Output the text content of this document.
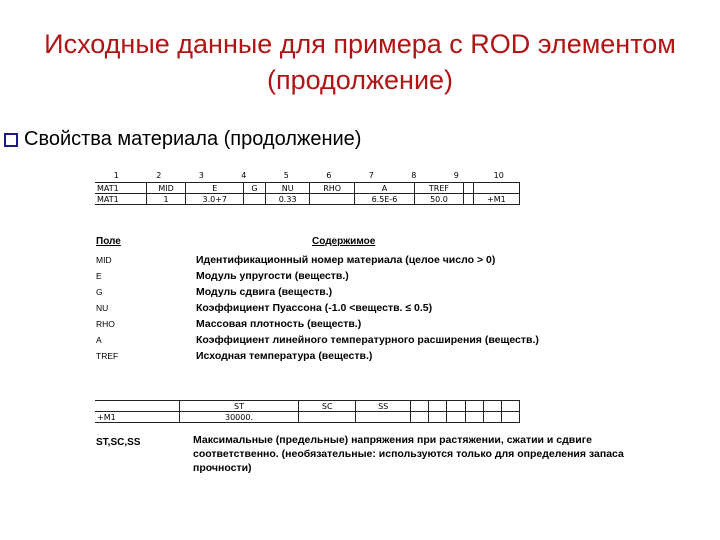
Исходные данные для примера с ROD элементом (продолжение)
Свойства материала (продолжение)
1	2	3	4	5	6	7	8	9	10
MAT1	MID	E	G	NU	RHO	A	TREF		
MAT1	1	3.0+7		0.33		6.5E-6	50.0		+M1
Поле	Содержимое
MID	Идентификационный номер материала (целое число > 0)
E	Модуль упругости (веществ.)
G	Модуль сдвига (веществ.)
NU	Коэффициент Пуассона (-1.0 <веществ. ≤ 0.5)
RHO	Массовая плотность (веществ.)
A	Коэффициент линейного температурного расширения (веществ.)
TREF	Исходная температура (веществ.)
	ST	SC	SS						
+M1	30000.								
ST,SC,SS	Максимальные (предельные) напряжения при растяжении, сжатии и сдвиге соответственно. (необязательные: используются только для определения запаса прочности)
